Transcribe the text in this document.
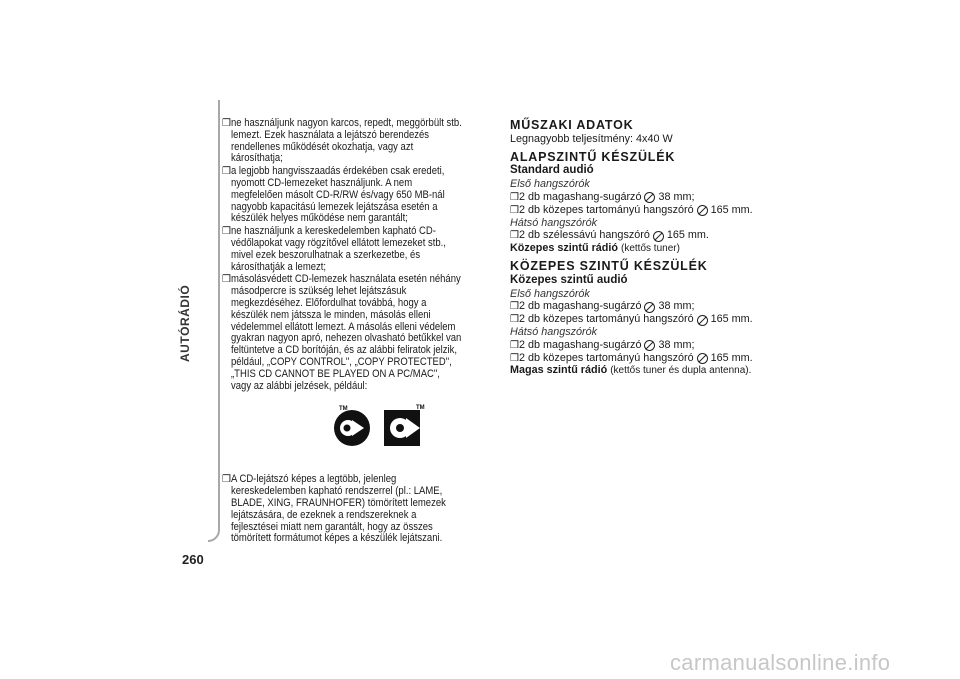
AUTÓRÁDIÓ
260
❒ ne használjunk nagyon karcos, repedt, meggörbült stb. lemezt. Ezek használata a lejátszó berendezés rendellenes működését okozhatja, vagy azt károsíthatja;
❒ a legjobb hangvisszaadás érdekében csak eredeti, nyomott CD-lemezeket használjunk. A nem megfelelően másolt CD-R/RW és/vagy 650 MB-nál nagyobb kapacitású lemezek lejátszása esetén a készülék helyes működése nem garantált;
❒ ne használjunk a kereskedelemben kapható CD-védőlapokat vagy rögzítővel ellátott lemezeket stb., mivel ezek beszorulhatnak a szerkezetbe, és károsíthatják a lemezt;
❒ másolásvédett CD-lemezek használata esetén néhány másodpercre is szükség lehet lejátszásuk megkezdéséhez. Előfordulhat továbbá, hogy a készülék nem játssza le minden, másolás elleni védelemmel ellátott lemezt. A másolás elleni védelem gyakran nagyon apró, nehezen olvasható betűkkel van feltüntetve a CD borítóján, és az alábbi feliratok jelzik, például, „COPY CONTROL", „COPY PROTECTED", „THIS CD CANNOT BE PLAYED ON A PC/MAC", vagy az alábbi jelzések, például:
TM	TM
❒ A CD-lejátszó képes a legtöbb, jelenleg kereskedelemben kapható rendszerrel (pl.: LAME, BLADE, XING, FRAUNHOFER) tömörített lemezek lejátszására, de ezeknek a rendszereknek a fejlesztései miatt nem garantált, hogy az összes tömörített formátumot képes a készülék lejátszani.
MŰSZAKI ADATOK
Legnagyobb teljesítmény: 4x40 W
ALAPSZINTŰ KÉSZÜLÉK
Standard audió
Első hangszórók
❒ 2 db magashang-sugárzó 38 mm;
❒ 2 db közepes tartományú hangszóró 165 mm.
Hátsó hangszórók
❒ 2 db szélessávú hangszóró 165 mm.
Közepes szintű rádió (kettős tuner)
KÖZEPES SZINTŰ KÉSZÜLÉK
Közepes szintű audió
Első hangszórók
❒ 2 db magashang-sugárzó 38 mm;
❒ 2 db közepes tartományú hangszóró 165 mm.
Hátsó hangszórók
❒ 2 db magashang-sugárzó 38 mm;
❒ 2 db közepes tartományú hangszóró 165 mm.
Magas szintű rádió (kettős tuner és dupla antenna).
carmanualsonline.info
